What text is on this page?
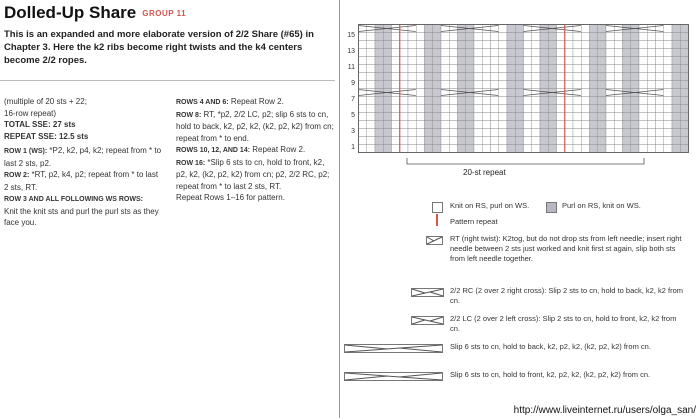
Dolled-Up Share GROUP 11
This is an expanded and more elaborate version of 2/2 Share (#65) in Chapter 3. Here the k2 ribs become right twists and the k4 centers become 2/2 ropes.

(multiple of 20 sts + 22;

16-row repeat)

TOTAL SSE: 27 sts

REPEAT SSE: 12.5 sts

ROW 1 (WS): *P2, k2, p4, k2; repeat from * to last 2 sts, p2.

ROW 2: *RT, p2, k4, p2; repeat from * to last 2 sts, RT.

ROW 3 AND ALL FOLLOWING WS ROWS:

Knit the knit sts and purl the purl sts as they face you.

ROWS 4 AND 6: Repeat Row 2.

ROW 8: RT, *p2, 2/2 LC, p2; slip 6 sts to cn, hold to back, k2, p2, k2, (k2, p2, k2) from cn; repeat from * to end.

ROWS 10, 12, AND 14: Repeat Row 2.

ROW 16: *Slip 6 sts to cn, hold to front, k2, p2, k2, (k2, p2, k2) from cn; p2, 2/2 RC, p2; repeat from * to last 2 sts, RT.

Repeat Rows 1–16 for pattern.

15
13
11
9
7
5
3
1
20-st repeat
Knit on RS, purl on WS.	Purl on RS, knit on WS.
Pattern repeat
RT (right twist): K2tog, but do not drop sts from left needle; insert right needle between 2 sts just worked and knit first st again, slip both sts from left needle together.
2/2 RC (2 over 2 right cross): Slip 2 sts to cn, hold to back, k2, k2 from cn.
2/2 LC (2 over 2 left cross): Slip 2 sts to cn, hold to front, k2, k2 from cn.
Slip 6 sts to cn, hold to back, k2, p2, k2, (k2, p2, k2) from cn.
Slip 6 sts to cn, hold to front, k2, p2, k2, (k2, p2, k2) from cn.
http://www.liveinternet.ru/users/olga_san/
